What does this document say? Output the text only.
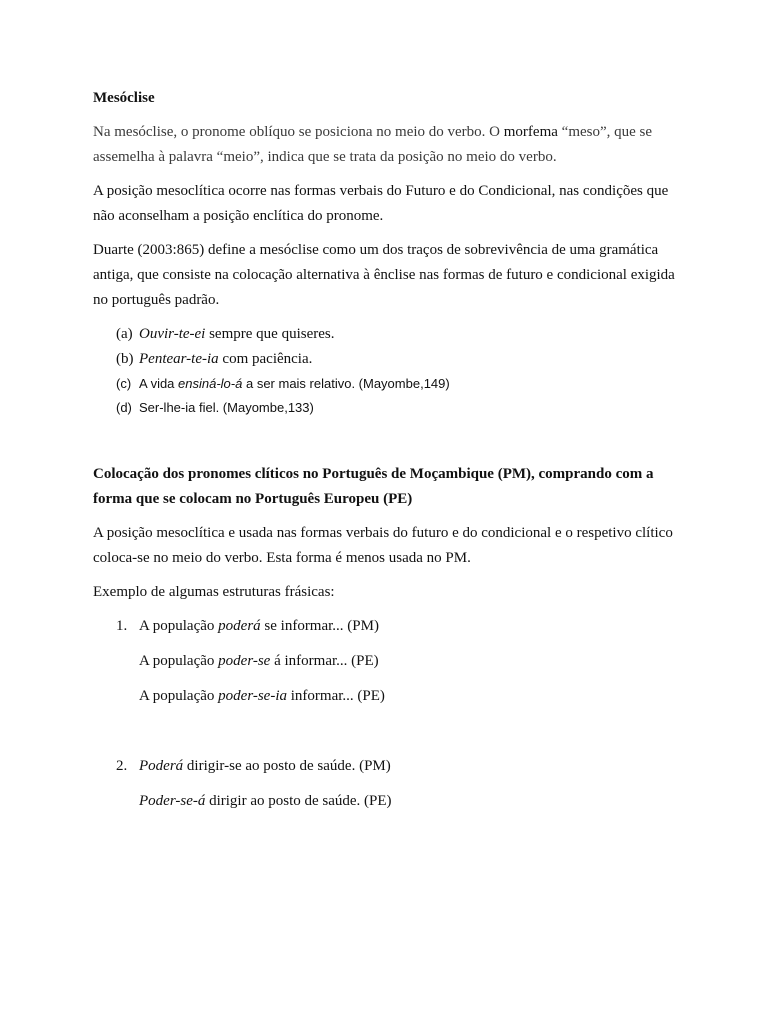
Mesóclise

Na mesóclise, o pronome oblíquo se posiciona no meio do verbo. O morfema “meso”, que se assemelha à palavra “meio”, indica que se trata da posição no meio do verbo.

A posição mesoclítica ocorre nas formas verbais do Futuro e do Condicional, nas condições que não aconselham a posição enclítica do pronome.

Duarte (2003:865) define a mesóclise como um dos traços de sobrevivência de uma gramática antiga, que consiste na colocação alternativa à ênclise nas formas de futuro e condicional exigida no português padrão.

(a) Ouvir-te-ei sempre que quiseres.
(b) Pentear-te-ia com paciência.
(c) A vida ensiná-lo-á a ser mais relativo. (Mayombe,149)
(d) Ser-lhe-ia fiel. (Mayombe,133)
Colocação dos pronomes clíticos no Português de Moçambique (PM), comprando com a forma que se colocam no Português Europeu (PE)

A posição mesoclítica e usada nas formas verbais do futuro e do condicional e o respetivo clítico coloca-se no meio do verbo. Esta forma é menos usada no PM.

Exemplo de algumas estruturas frásicas:

1. A população poderá se informar... (PM)
A população poder-se á informar... (PE)
A população poder-se-ia informar... (PE)
2. Poderá dirigir-se ao posto de saúde. (PM)
Poder-se-á dirigir ao posto de saúde. (PE)
